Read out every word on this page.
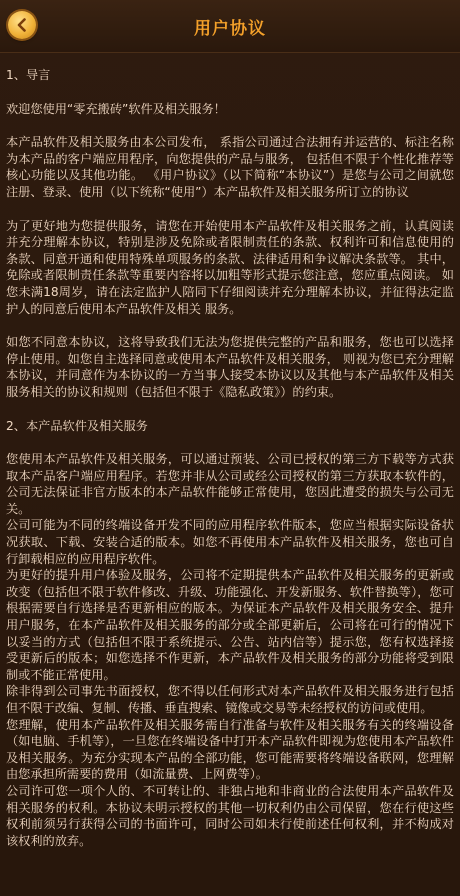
用户协议
1、导言

欢迎您使用“零充搬砖”软件及相关服务！

本产品软件及相关服务由本公司发布， 系指公司通过合法拥有并运营的、标注名称为本产品的客户端应用程序，向您提供的产品与服务， 包括但不限于个性化推荐等核心功能以及其他功能。 《用户协议》（以下简称“本协议”）是您与公司之间就您注册、登录、使用（以下统称“使用”）本产品软件及相关服务所订立的协议

为了更好地为您提供服务，请您在开始使用本产品软件及相关服务之前，认真阅读并充分理解本协议，特别是涉及免除或者限制责任的条款、权利许可和信息使用的条款、同意开通和使用特殊单项服务的条款、法律适用和争议解决条款等。 其中，免除或者限制责任条款等重要内容将以加粗等形式提示您注意，您应重点阅读。 如您未满18周岁，请在法定监护人陪同下仔细阅读并充分理解本协议，并征得法定监护人的同意后使用本产品软件及相关 服务。

如您不同意本协议，这将导致我们无法为您提供完整的产品和服务，您也可以选择停止使用。如您自主选择同意或使用本产品软件及相关服务， 则视为您已充分理解本协议，并同意作为本协议的一方当事人接受本协议以及其他与本产品软件及相关服务相关的协议和规则（包括但不限于《隐私政策》）的约束。

2、本产品软件及相关服务

您使用本产品软件及相关服务，可以通过预装、公司已授权的第三方下载等方式获取本产品客户端应用程序。若您并非从公司或经公司授权的第三方获取本软件的，公司无法保证非官方版本的本产品软件能够正常使用，您因此遭受的损失与公司无关。

公司可能为不同的终端设备开发不同的应用程序软件版本，您应当根据实际设备状况获取、下载、安装合适的版本。如您不再使用本产品软件及相关服务，您也可自行卸载相应的应用程序软件。

为更好的提升用户体验及服务，公司将不定期提供本产品软件及相关服务的更新或改变（包括但不限于软件修改、升级、功能强化、开发新服务、软件替换等），您可根据需要自行选择是否更新相应的版本。为保证本产品软件及相关服务安全、提升用户服务，在本产品软件及相关服务的部分或全部更新后，公司将在可行的情况下以妥当的方式（包括但不限于系统提示、公告、站内信等）提示您，您有权选择接受更新后的版本；如您选择不作更新，本产品软件及相关服务的部分功能将受到限制或不能正常使用。

除非得到公司事先书面授权，您不得以任何形式对本产品软件及相关服务进行包括但不限于改编、复制、传播、垂直搜索、镜像或交易等未经授权的访问或使用。

您理解，使用本产品软件及相关服务需自行准备与软件及相关服务有关的终端设备（如电脑、手机等），一旦您在终端设备中打开本产品软件即视为您使用本产品软件及相关服务。为充分实现本产品的全部功能，您可能需要将终端设备联网，您理解由您承担所需要的费用（如流量费、上网费等）。

公司许可您一项个人的、不可转让的、非独占地和非商业的合法使用本产品软件及相关服务的权利。本协议未明示授权的其他一切权利仍由公司保留，您在行使这些权利前须另行获得公司的书面许可，同时公司如未行使前述任何权利，并不构成对该权利的放弃。
